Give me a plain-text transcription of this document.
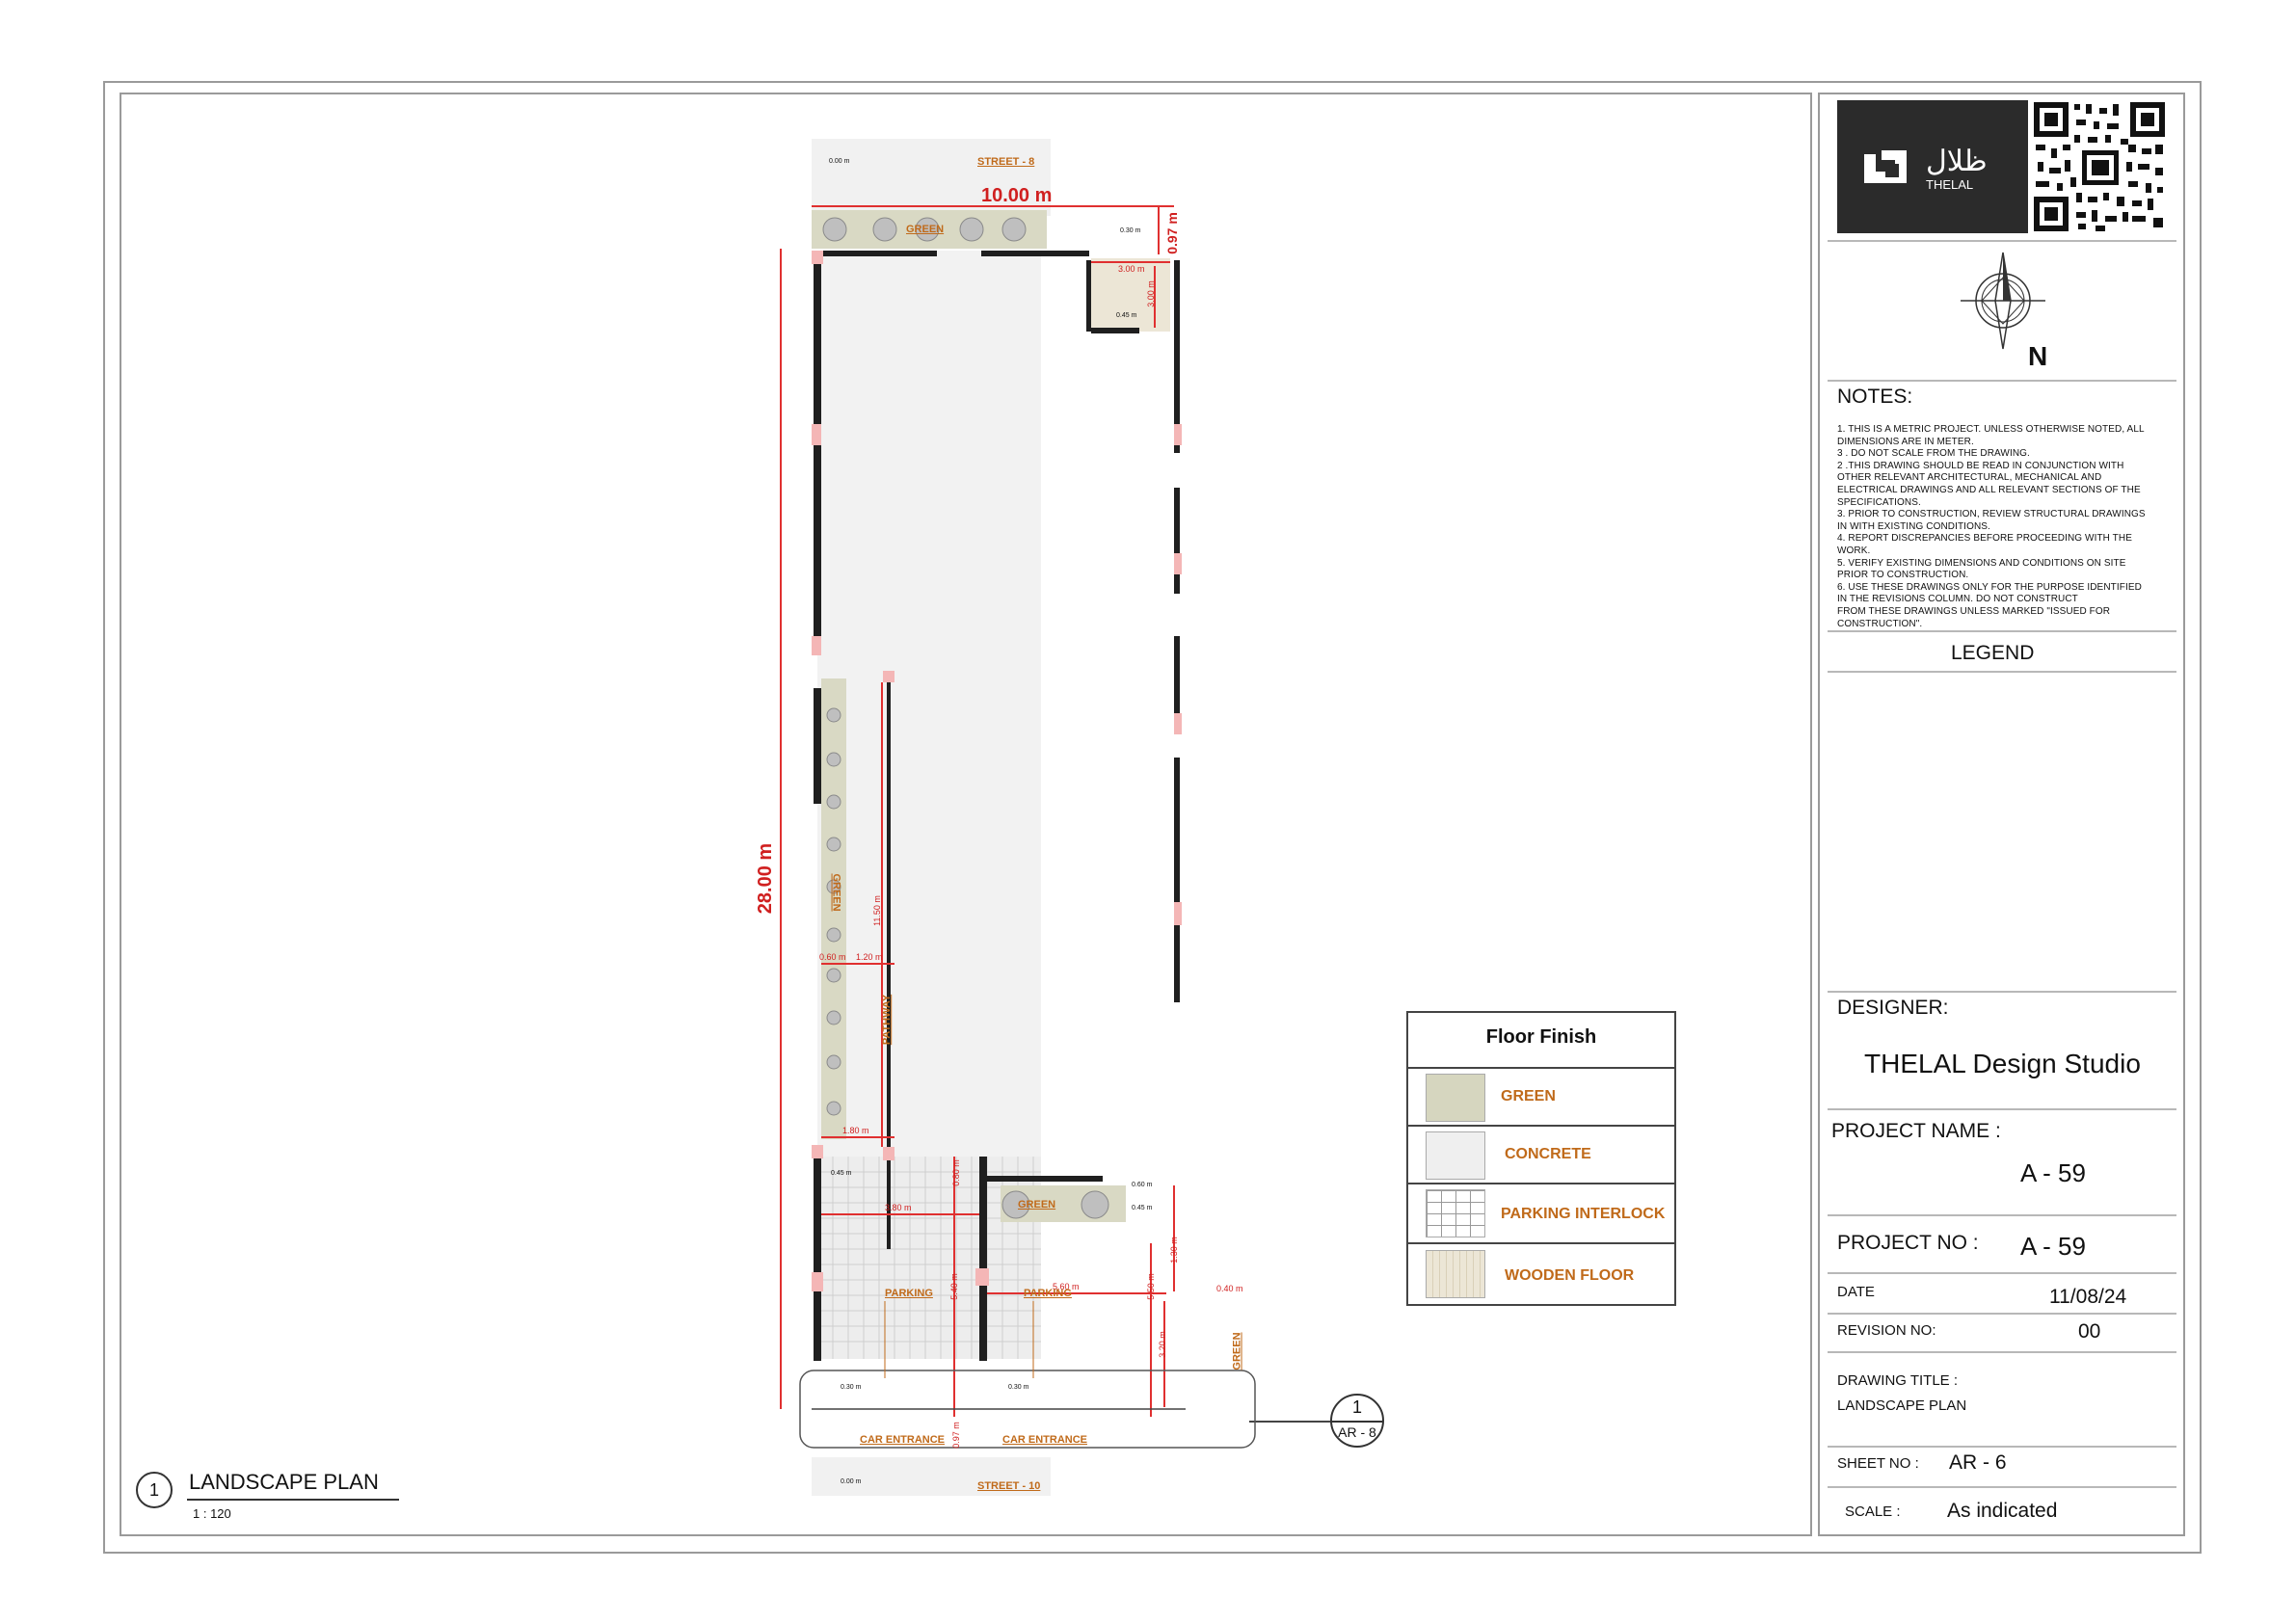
ظلال
THELAL
N
NOTES:
1. THIS IS A METRIC PROJECT. UNLESS OTHERWISE NOTED, ALL
DIMENSIONS ARE IN METER.
3 . DO NOT SCALE FROM THE DRAWING.
2 .THIS DRAWING SHOULD BE READ IN CONJUNCTION WITH
OTHER RELEVANT ARCHITECTURAL, MECHANICAL AND
ELECTRICAL DRAWINGS AND ALL RELEVANT SECTIONS OF THE
SPECIFICATIONS.
3. PRIOR TO CONSTRUCTION, REVIEW STRUCTURAL DRAWINGS
IN WITH EXISTING CONDITIONS.
4. REPORT DISCREPANCIES BEFORE PROCEEDING WITH THE
WORK.
5. VERIFY EXISTING DIMENSIONS AND CONDITIONS ON SITE
PRIOR TO CONSTRUCTION.
6. USE THESE DRAWINGS ONLY FOR THE PURPOSE IDENTIFIED
IN THE REVISIONS COLUMN. DO NOT CONSTRUCT
FROM THESE DRAWINGS UNLESS MARKED "ISSUED FOR
CONSTRUCTION".
LEGEND
DESIGNER:
THELAL Design Studio
PROJECT NAME :
A - 59
PROJECT NO : A - 59
DATE	11/08/24
REVISION NO:	00
DRAWING TITLE :
LANDSCAPE PLAN
SHEET NO : AR - 6
SCALE : As indicated
Floor Finish
GREEN
CONCRETE
PARKING INTERLOCK
WOODEN FLOOR
1	LANDSCAPE PLAN
1 : 120
1
AR - 8
STREET - 8
STREET - 10
10.00 m
28.00 m
0.97 m
3.00 m
3.00 m
11.50 m
0.60 m 1.20 m
1.80 m
3.80 m
5.60 m
5.40 m	5.50 m
1.30 m
0.40 m
3.20 m
0.80 m
0.97 m
GREEN
GREEN
GREEN
GREEN
PATHWAY
PARKING	PARKING
CAR ENTRANCE	CAR ENTRANCE
0.00 m
0.30 m
0.45 m
0.45 m
0.60 m
0.45 m
0.30 m	0.30 m
0.00 m
